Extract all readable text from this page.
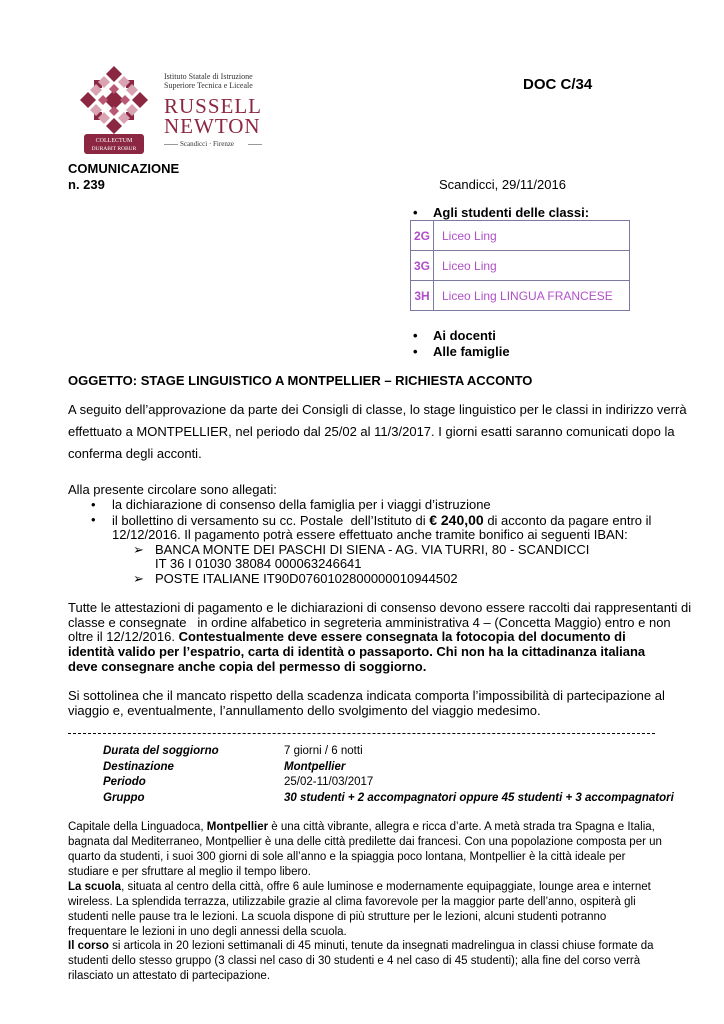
COLLECTUM
DURABIT ROBUR
Istituto Statale di Istruzione
Superiore Tecnica e Liceale
RUSSELL
NEWTON
Scandicci · Firenze
DOC C/34
COMUNICAZIONE
n. 239	Scandicci, 29/11/2016
• Agli studenti delle classi:
2G	Liceo Ling
3G	Liceo Ling
3H	Liceo Ling LINGUA FRANCESE
• Ai docenti
• Alle famiglie
OGGETTO: STAGE LINGUISTICO A MONTPELLIER – RICHIESTA ACCONTO
A seguito dell’approvazione da parte dei Consigli di classe, lo stage linguistico per le classi in indirizzo verrà
effettuato a MONTPELLIER, nel periodo dal 25/02 al 11/3/2017. I giorni esatti saranno comunicati dopo la
conferma degli acconti.
Alla presente circolare sono allegati:
• la dichiarazione di consenso della famiglia per i viaggi d’istruzione
• il bollettino di versamento su cc. Postale  dell’Istituto di € 240,00 di acconto da pagare entro il
12/12/2016. Il pagamento potrà essere effettuato anche tramite bonifico ai seguenti IBAN:
➢ BANCA MONTE DEI PASCHI DI SIENA - AG. VIA TURRI, 80 - SCANDICCI
IT 36 I 01030 38084 000063246641
➢ POSTE ITALIANE IT90D0760102800000010944502
Tutte le attestazioni di pagamento e le dichiarazioni di consenso devono essere raccolti dai rappresentanti di
classe e consegnate   in ordine alfabetico in segreteria amministrativa 4 – (Concetta Maggio) entro e non
oltre il 12/12/2016. Contestualmente deve essere consegnata la fotocopia del documento di
identità valido per l’espatrio, carta di identità o passaporto. Chi non ha la cittadinanza italiana
deve consegnare anche copia del permesso di soggiorno.
Si sottolinea che il mancato rispetto della scadenza indicata comporta l’impossibilità di partecipazione al
viaggio e, eventualmente, l’annullamento dello svolgimento del viaggio medesimo.
Durata del soggiorno	7 giorni / 6 notti
Destinazione	Montpellier
Periodo	25/02-11/03/2017
Gruppo	30 studenti + 2 accompagnatori oppure 45 studenti + 3 accompagnatori
Capitale della Linguadoca, Montpellier è una città vibrante, allegra e ricca d’arte. A metà strada tra Spagna e Italia,
bagnata dal Mediterraneo, Montpellier è una delle città predilette dai francesi. Con una popolazione composta per un
quarto da studenti, i suoi 300 giorni di sole all’anno e la spiaggia poco lontana, Montpellier è la città ideale per
studiare e per sfruttare al meglio il tempo libero.
La scuola, situata al centro della città, offre 6 aule luminose e modernamente equipaggiate, lounge area e internet
wireless. La splendida terrazza, utilizzabile grazie al clima favorevole per la maggior parte dell’anno, ospiterà gli
studenti nelle pause tra le lezioni. La scuola dispone di più strutture per le lezioni, alcuni studenti potranno
frequentare le lezioni in uno degli annessi della scuola.
Il corso si articola in 20 lezioni settimanali di 45 minuti, tenute da insegnati madrelingua in classi chiuse formate da
studenti dello stesso gruppo (3 classi nel caso di 30 studenti e 4 nel caso di 45 studenti); alla fine del corso verrà
rilasciato un attestato di partecipazione.
